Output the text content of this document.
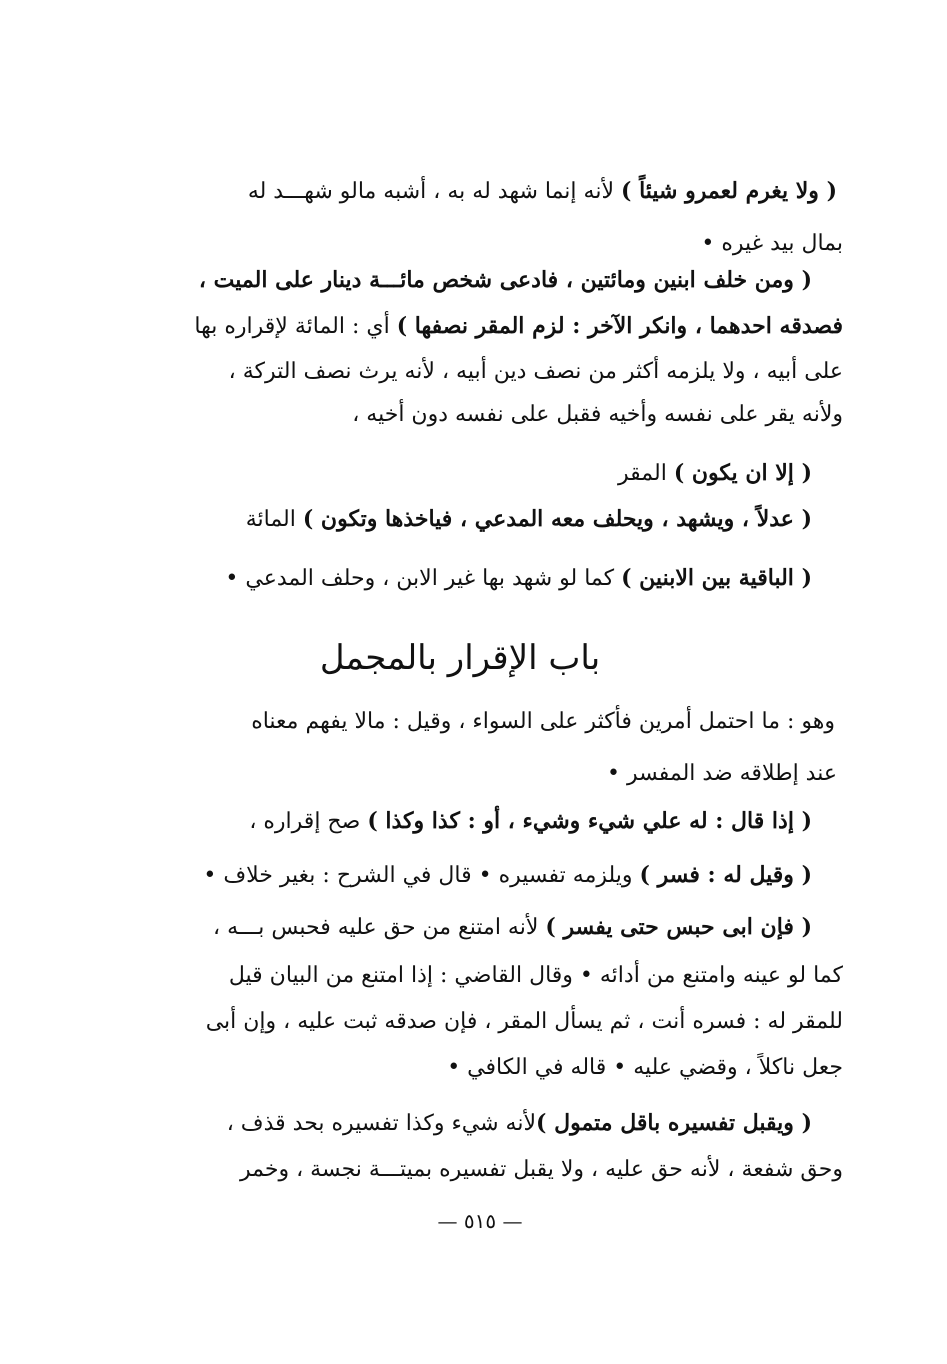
( ولا يغرم لعمرو شيئاً ) لأنه إنما شهد له به ، أشبه مالو شهـــد له

بمال بيد غيره •

( ومن خلف ابنين ومائتين ، فادعى شخص مائـــة دينار على الميت ،

فصدقه احدهما ، وانكر الآخر : لزم المقر نصفها ) أي : المائة لإقراره بها

على أبيه ، ولا يلزمه أكثر من نصف دين أبيه ، لأنه يرث نصف التركة ،

ولأنه يقر على نفسه وأخيه فقبل على نفسه دون أخيه ،

( إلا ان يكون ) المقر

( عدلاً ، ويشهد ، ويحلف معه المدعي ، فياخذها وتكون ) المائة

( الباقية بين الابنين ) كما لو شهد بها غير الابن ، وحلف المدعي •

باب الإقرار بالمجمل

وهو : ما احتمل أمرين فأكثر على السواء ، وقيل : مالا يفهم معناه

عند إطلاقه ضد المفسر •

( إذا قال : له علي شيء وشيء ، أو : كذا وكذا ) صح إقراره ،

( وقيل له : فسر ) ويلزمه تفسيره • قال في الشرح : بغير خلاف •

( فإن ابى حبس حتى يفسر ) لأنه امتنع من حق عليه فحبس بـــه ،

كما لو عينه وامتنع من أدائه • وقال القاضي : إذا امتنع من البيان قيل

للمقر له : فسره أنت ، ثم يسأل المقر ، فإن صدقه ثبت عليه ، وإن أبى

جعل ناكلاً ، وقضي عليه • قاله في الكافي •

( ويقبل تفسيره باقل متمول )لأنه شيء وكذا تفسيره بحد قذف ،

وحق شفعة ، لأنه حق عليه ، ولا يقبل تفسيره بميتـــة نجسة ، وخمر

— ٥١٥ —
